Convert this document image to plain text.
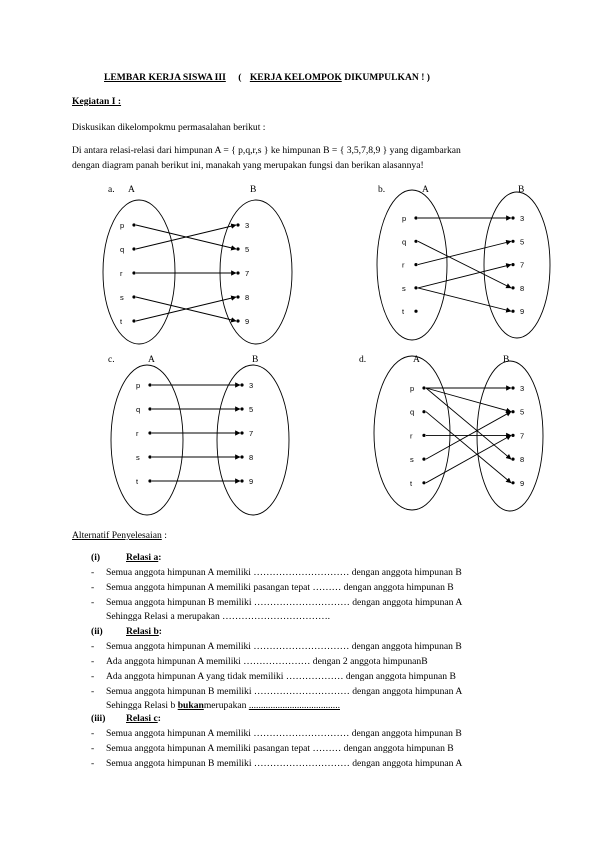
LEMBAR KERJA SISWA III ( KERJA KELOMPOK DIKUMPULKAN ! )
Kegiatan I :
Diskusikan dikelompokmu permasalahan berikut :
Di antara relasi-relasi dari himpunan A = { p,q,r,s } ke himpunan B = { 3,5,7,8,9 } yang digambarkan
dengan diagram panah berikut ini, manakah yang merupakan fungsi dan berikan alasannya!
a. A	B
p
q
r
s
t
3
5
7
8
9
b.	A	B
p
q
r
s
t
3
5
7
8
9
c.	A	B
p
q
r
s
t
3
5
7
8
9
d.	A	B
p
q
r
s
t
3
5
7
8
9
Alternatif Penyelesaian :
(i)	Relasi a:
- Semua anggota himpunan A memiliki ………………………… dengan anggota himpunan B
- Semua anggota himpunan A memiliki pasangan tepat ……… dengan anggota himpunan B
- Semua anggota himpunan B memiliki ………………………… dengan anggota himpunan A
Sehingga Relasi a merupakan …………………………….
(ii) Relasi b:
- Semua anggota himpunan A memiliki ………………………… dengan anggota himpunan B
- Ada anggota himpunan A memiliki ………………… dengan 2 anggota himpunanB
- Ada anggota himpunan A yang tidak memiliki ……………… dengan anggota himpunan B
- Semua anggota himpunan B memiliki ………………………… dengan anggota himpunan A
Sehingga Relasi b bukanmerupakan ......................................
(iii) Relasi c:
- Semua anggota himpunan A memiliki ………………………… dengan anggota himpunan B
- Semua anggota himpunan A memiliki pasangan tepat ……… dengan anggota himpunan B
- Semua anggota himpunan B memiliki ………………………… dengan anggota himpunan A
